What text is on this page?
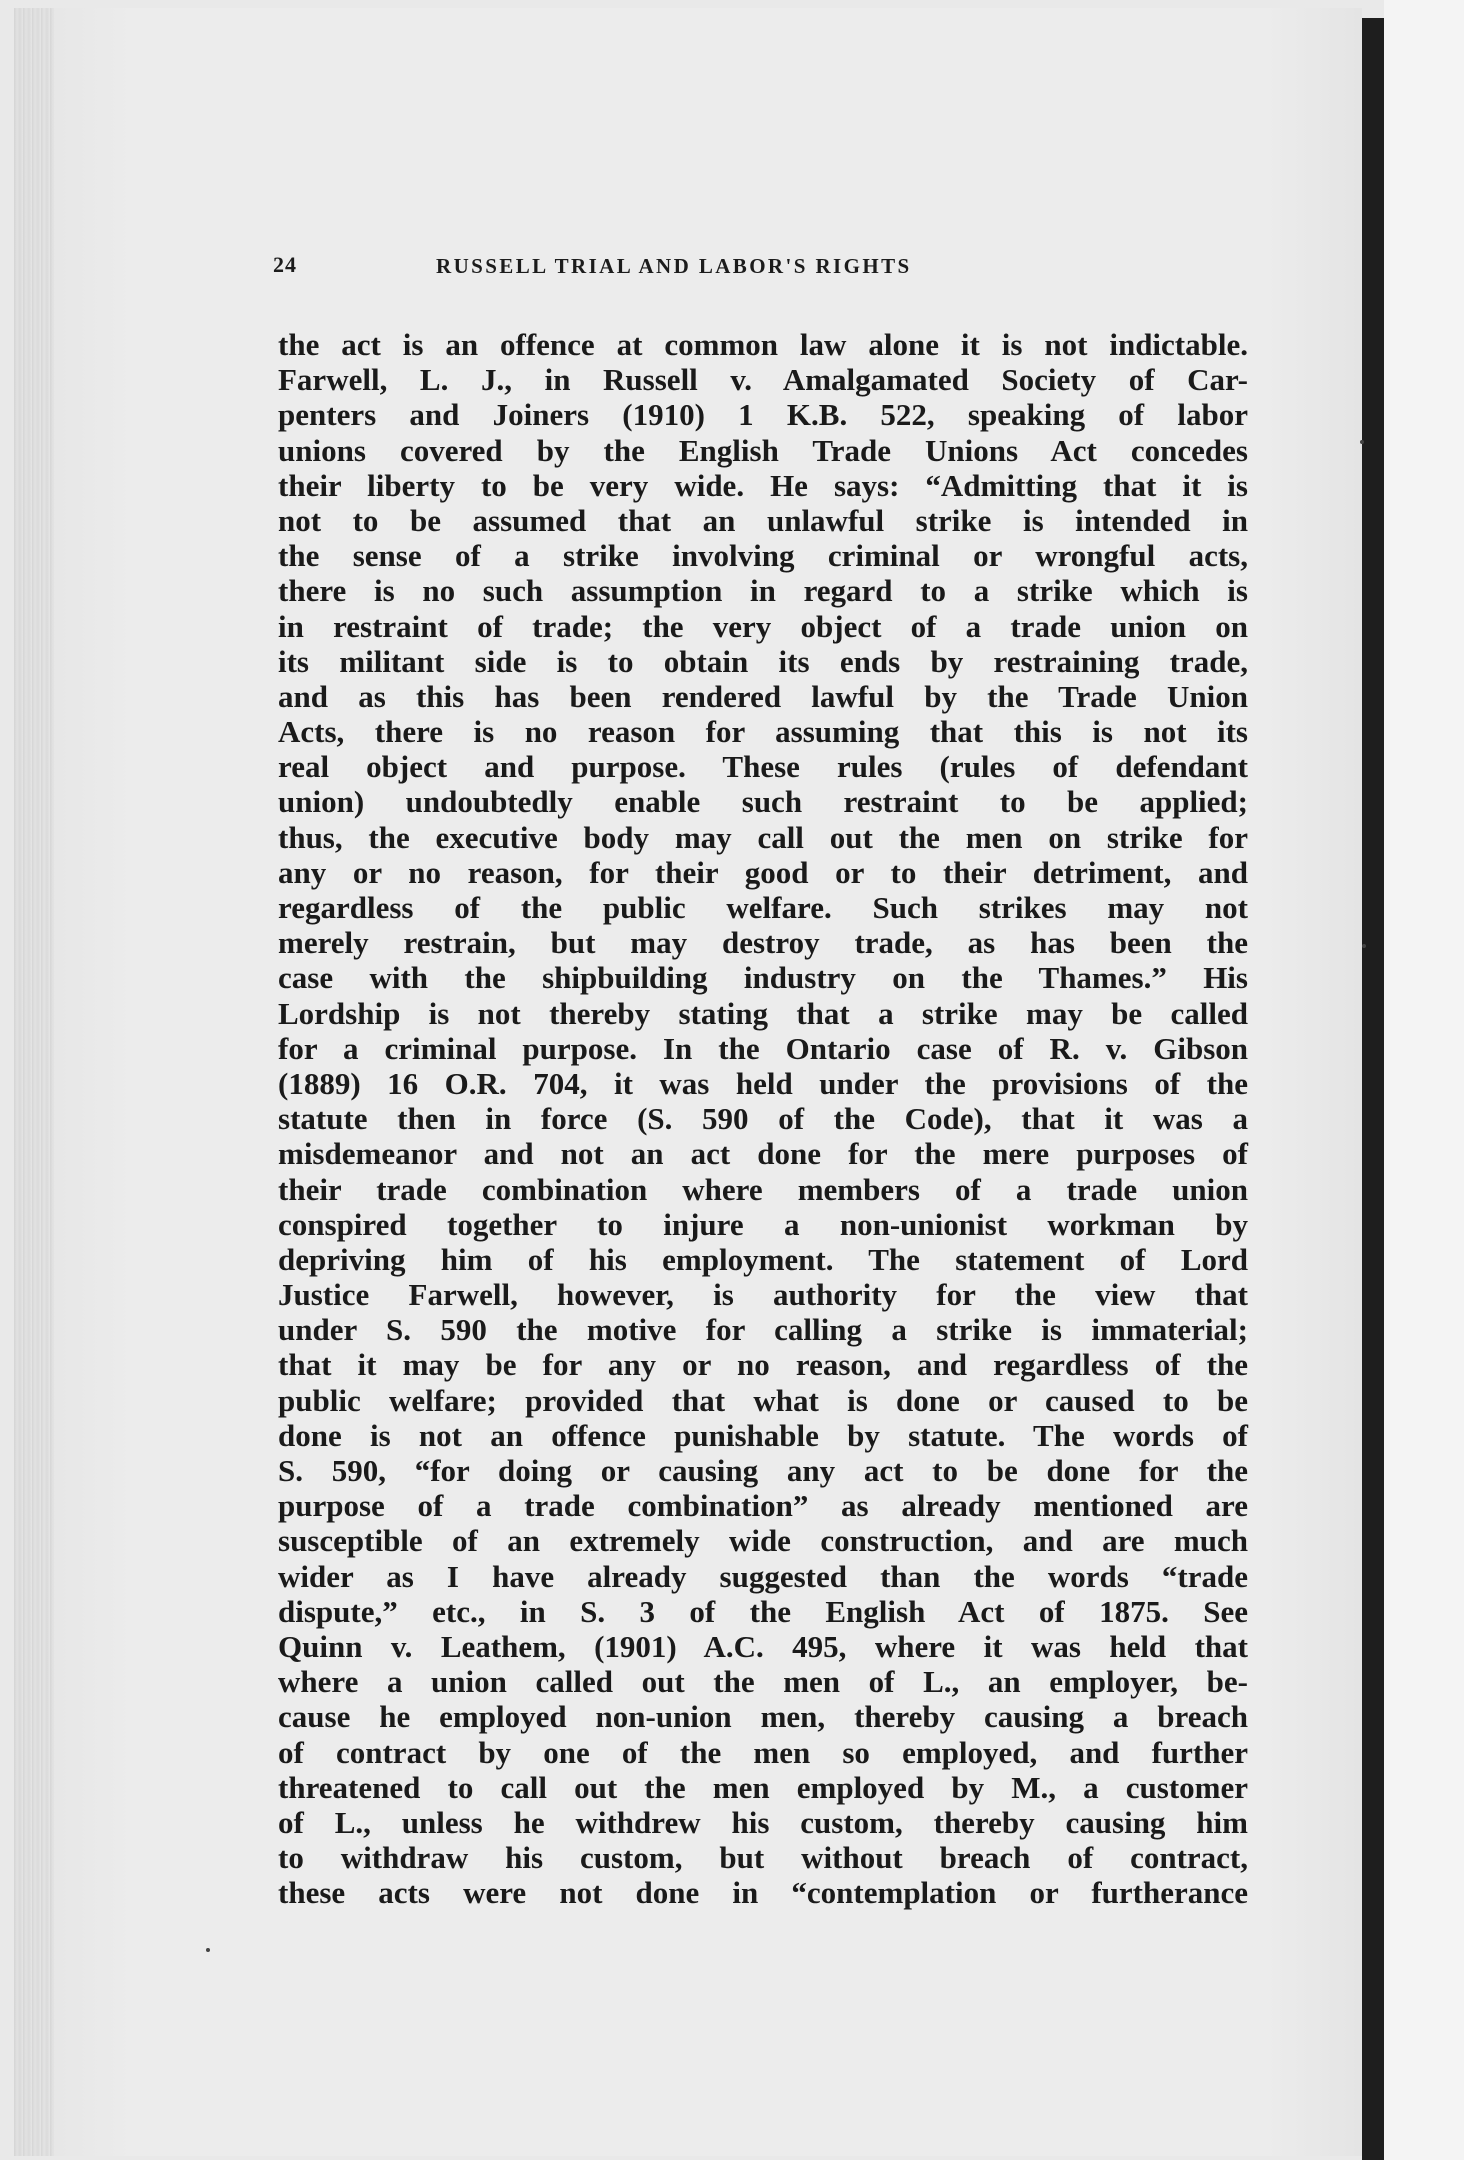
24	RUSSELL TRIAL AND LABOR'S RIGHTS
the act is an offence at common law alone it is not indictable.
Farwell, L. J., in Russell v. Amalgamated Society of Car-
penters and Joiners (1910) 1 K.B. 522, speaking of labor
unions covered by the English Trade Unions Act concedes
their liberty to be very wide. He says: “Admitting that it is
not to be assumed that an unlawful strike is intended in
the sense of a strike involving criminal or wrongful acts,
there is no such assumption in regard to a strike which is
in restraint of trade; the very object of a trade union on
its militant side is to obtain its ends by restraining trade,
and as this has been rendered lawful by the Trade Union
Acts, there is no reason for assuming that this is not its
real object and purpose. These rules (rules of defendant
union) undoubtedly enable such restraint to be applied;
thus, the executive body may call out the men on strike for
any or no reason, for their good or to their detriment, and
regardless of the public welfare. Such strikes may not
merely restrain, but may destroy trade, as has been the
case with the shipbuilding industry on the Thames.” His
Lordship is not thereby stating that a strike may be called
for a criminal purpose. In the Ontario case of R. v. Gibson
(1889) 16 O.R. 704, it was held under the provisions of the
statute then in force (S. 590 of the Code), that it was a
misdemeanor and not an act done for the mere purposes of
their trade combination where members of a trade union
conspired together to injure a non-unionist workman by
depriving him of his employment. The statement of Lord
Justice Farwell, however, is authority for the view that
under S. 590 the motive for calling a strike is immaterial;
that it may be for any or no reason, and regardless of the
public welfare; provided that what is done or caused to be
done is not an offence punishable by statute. The words of
S. 590, “for doing or causing any act to be done for the
purpose of a trade combination” as already mentioned are
susceptible of an extremely wide construction, and are much
wider as I have already suggested than the words “trade
dispute,” etc., in S. 3 of the English Act of 1875. See
Quinn v. Leathem, (1901) A.C. 495, where it was held that
where a union called out the men of L., an employer, be-
cause he employed non-union men, thereby causing a breach
of contract by one of the men so employed, and further
threatened to call out the men employed by M., a customer
of L., unless he withdrew his custom, thereby causing him
to withdraw his custom, but without breach of contract,
these acts were not done in “contemplation or furtherance
